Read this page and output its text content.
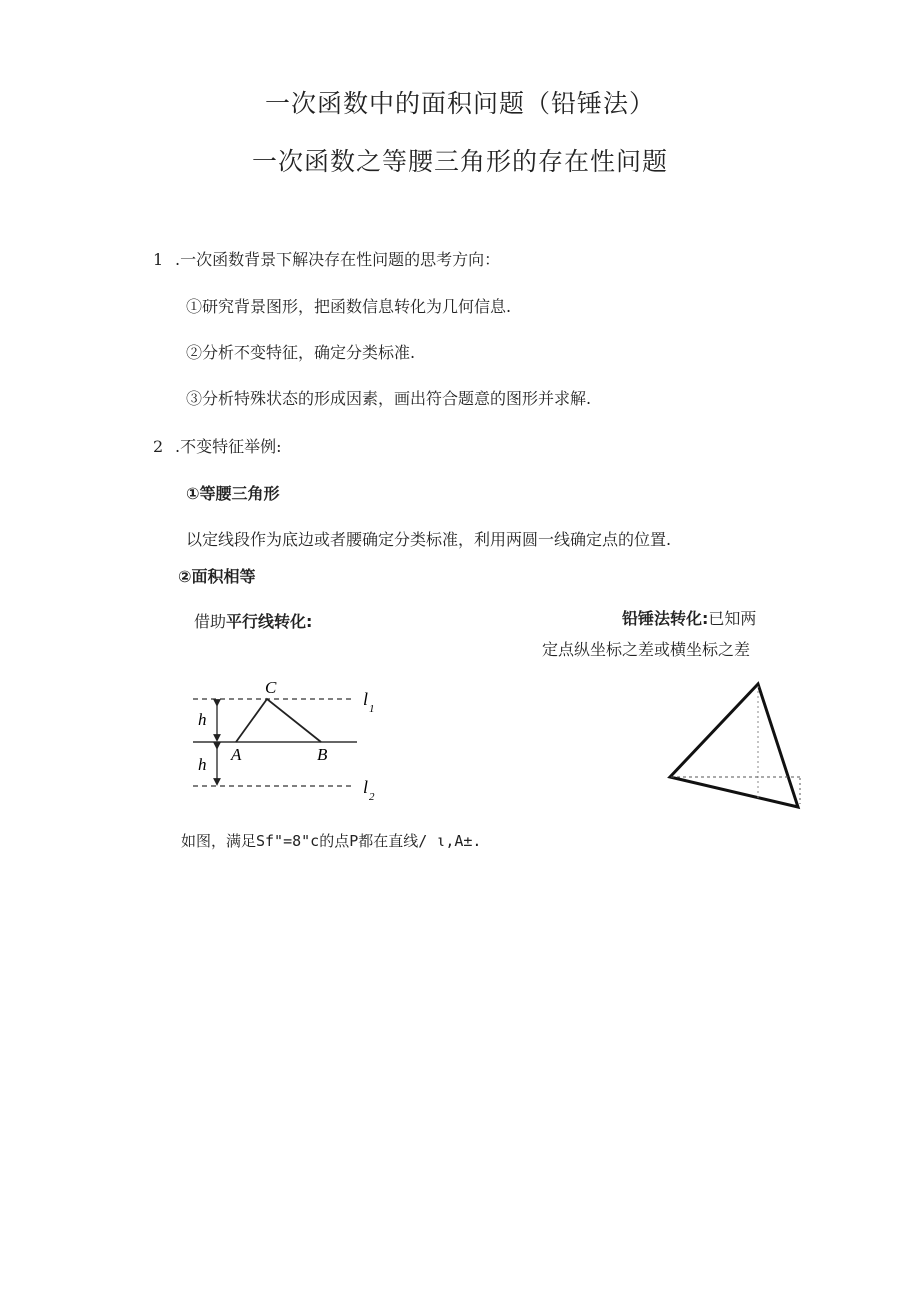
一次函数中的面积问题（铅锤法）
一次函数之等腰三角形的存在性问题
1 .一次函数背景下解决存在性问题的思考方向：
①研究背景图形，把函数信息转化为几何信息.
②分析不变特征，确定分类标准.
③分析特殊状态的形成因素，画出符合题意的图形并求解.
2 .不变特征举例:
①等腰三角形
以定线段作为底边或者腰确定分类标准，利用两圆一线确定点的位置.
②面积相等
借助平行线转化:	铅锤法转化:已知两
定点纵坐标之差或横坐标之差
h
h
C
A	B
l 1
l 2
如图，满足Sf"=8"c的点P都在直线/ ι,A±.
